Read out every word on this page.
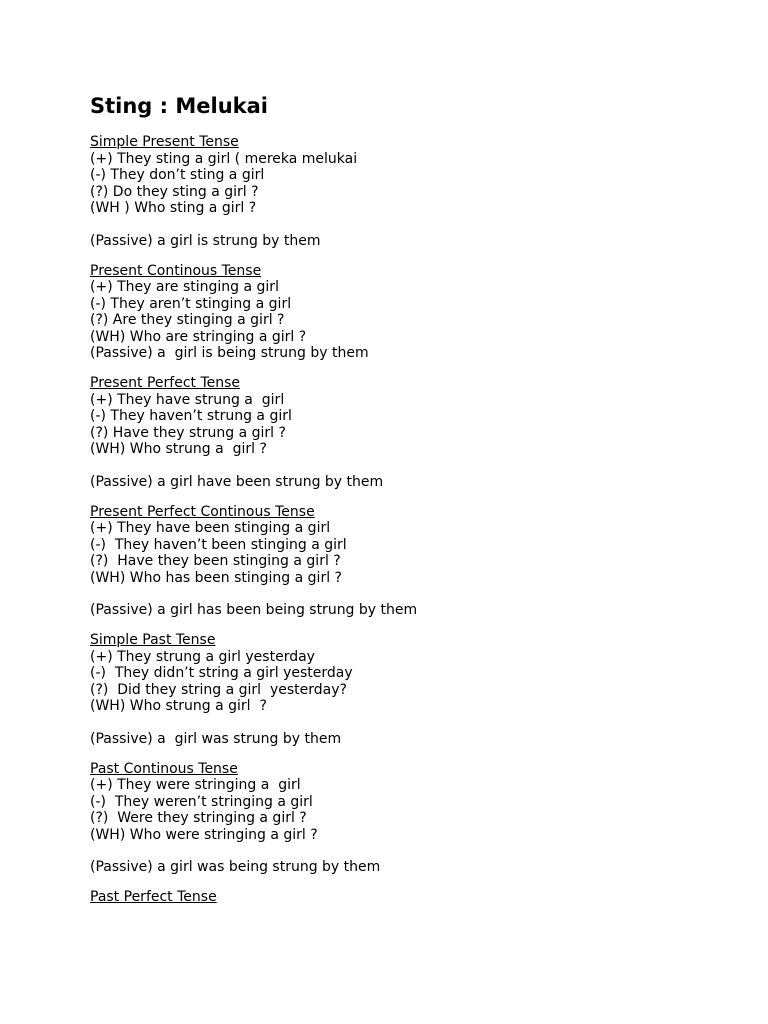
Sting : Melukai
Simple Present Tense
(+) They sting a girl ( mereka melukai
(-) They don’t sting a girl
(?) Do they sting a girl ?
(WH ) Who sting a girl ?
(Passive) a girl is strung by them
Present Continous Tense
(+) They are stinging a girl
(-) They aren’t stinging a girl
(?) Are they stinging a girl ?
(WH) Who are stringing a girl ?
(Passive) a  girl is being strung by them
Present Perfect Tense
(+) They have strung a  girl
(-) They haven’t strung a girl
(?) Have they strung a girl ?
(WH) Who strung a  girl ?
(Passive) a girl have been strung by them
Present Perfect Continous Tense
(+) They have been stinging a girl
(-)  They haven’t been stinging a girl
(?)  Have they been stinging a girl ?
(WH) Who has been stinging a girl ?
(Passive) a girl has been being strung by them
Simple Past Tense
(+) They strung a girl yesterday
(-)  They didn’t string a girl yesterday
(?)  Did they string a girl  yesterday?
(WH) Who strung a girl  ?
(Passive) a  girl was strung by them
Past Continous Tense
(+) They were stringing a  girl
(-)  They weren’t stringing a girl
(?)  Were they stringing a girl ?
(WH) Who were stringing a girl ?
(Passive) a girl was being strung by them
Past Perfect Tense
